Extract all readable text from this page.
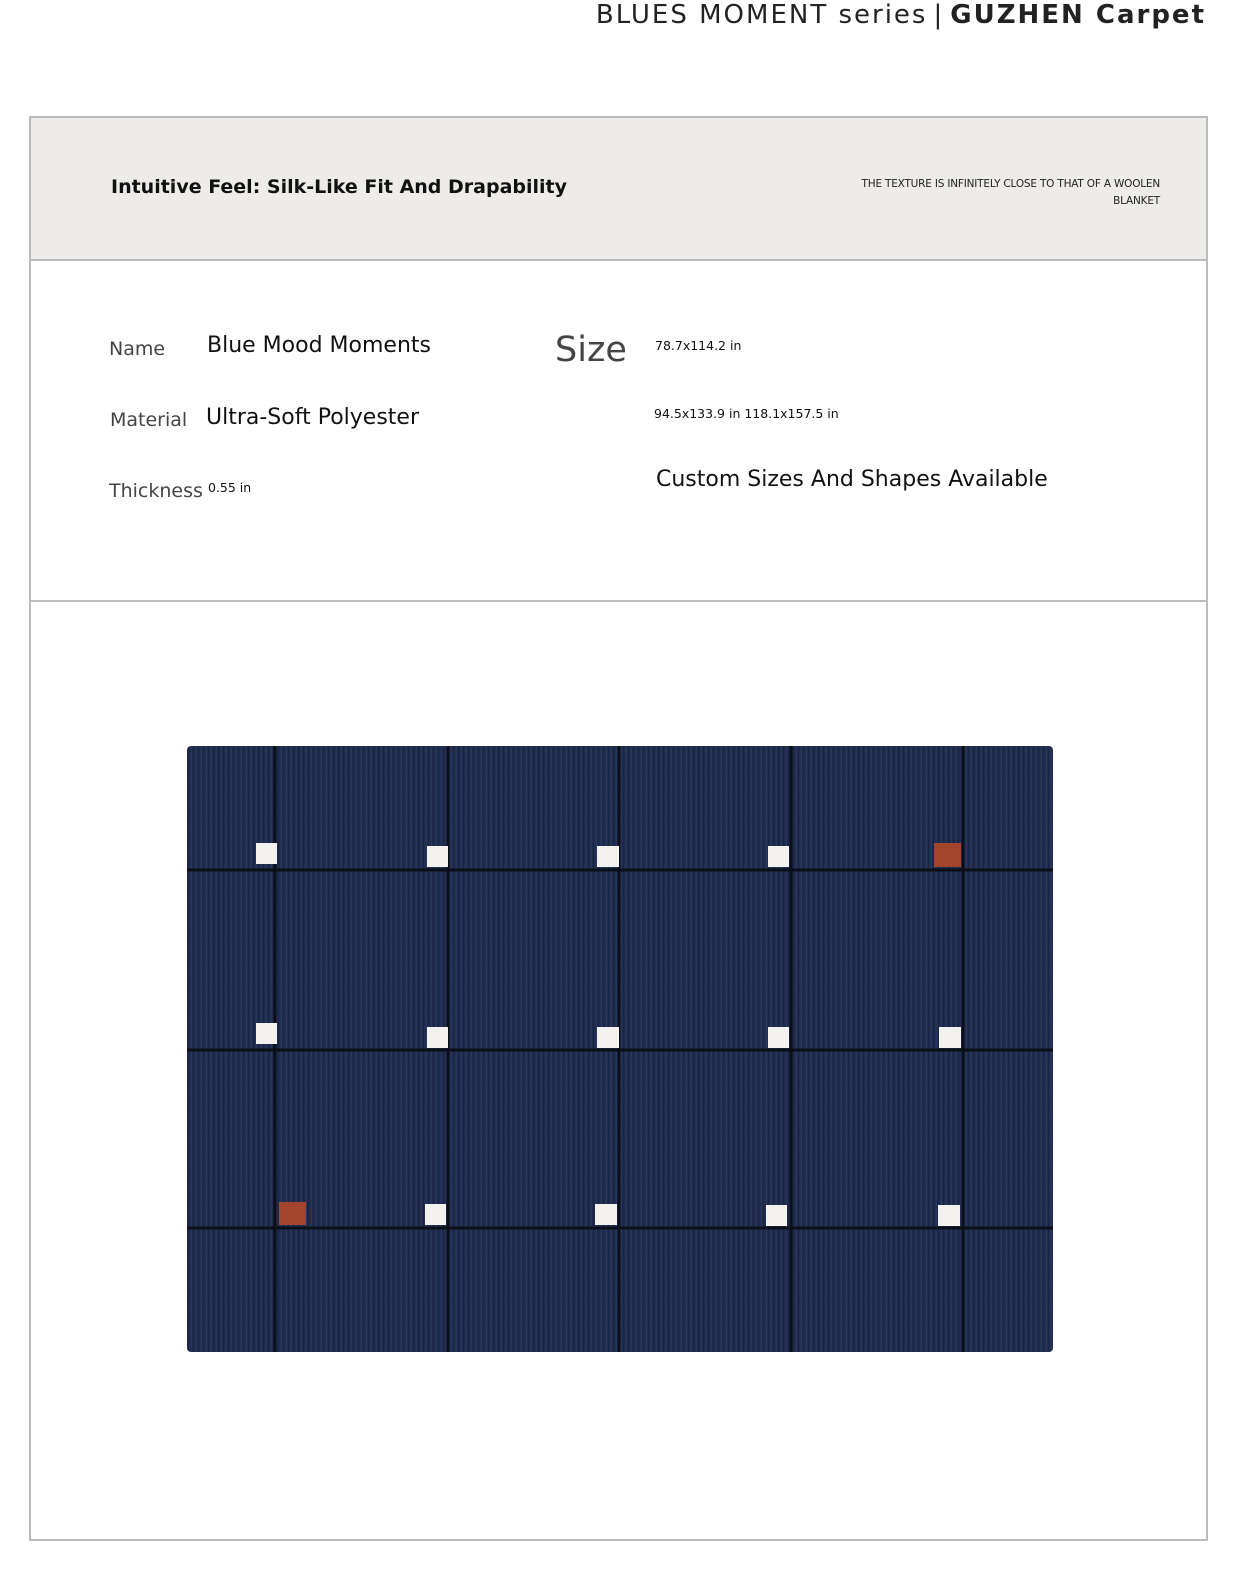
BLUES MOMENT series | GUZHEN Carpet
Intuitive Feel: Silk-Like Fit And Drapability	THE TEXTURE IS INFINITELY CLOSE TO THAT OF A WOOLEN BLANKET
Name Blue Mood Moments
Material Ultra-Soft Polyester
Thickness 0.55 in
Size 78.7x114.2 in
94.5x133.9 in 118.1x157.5 in
Custom Sizes And Shapes Available
